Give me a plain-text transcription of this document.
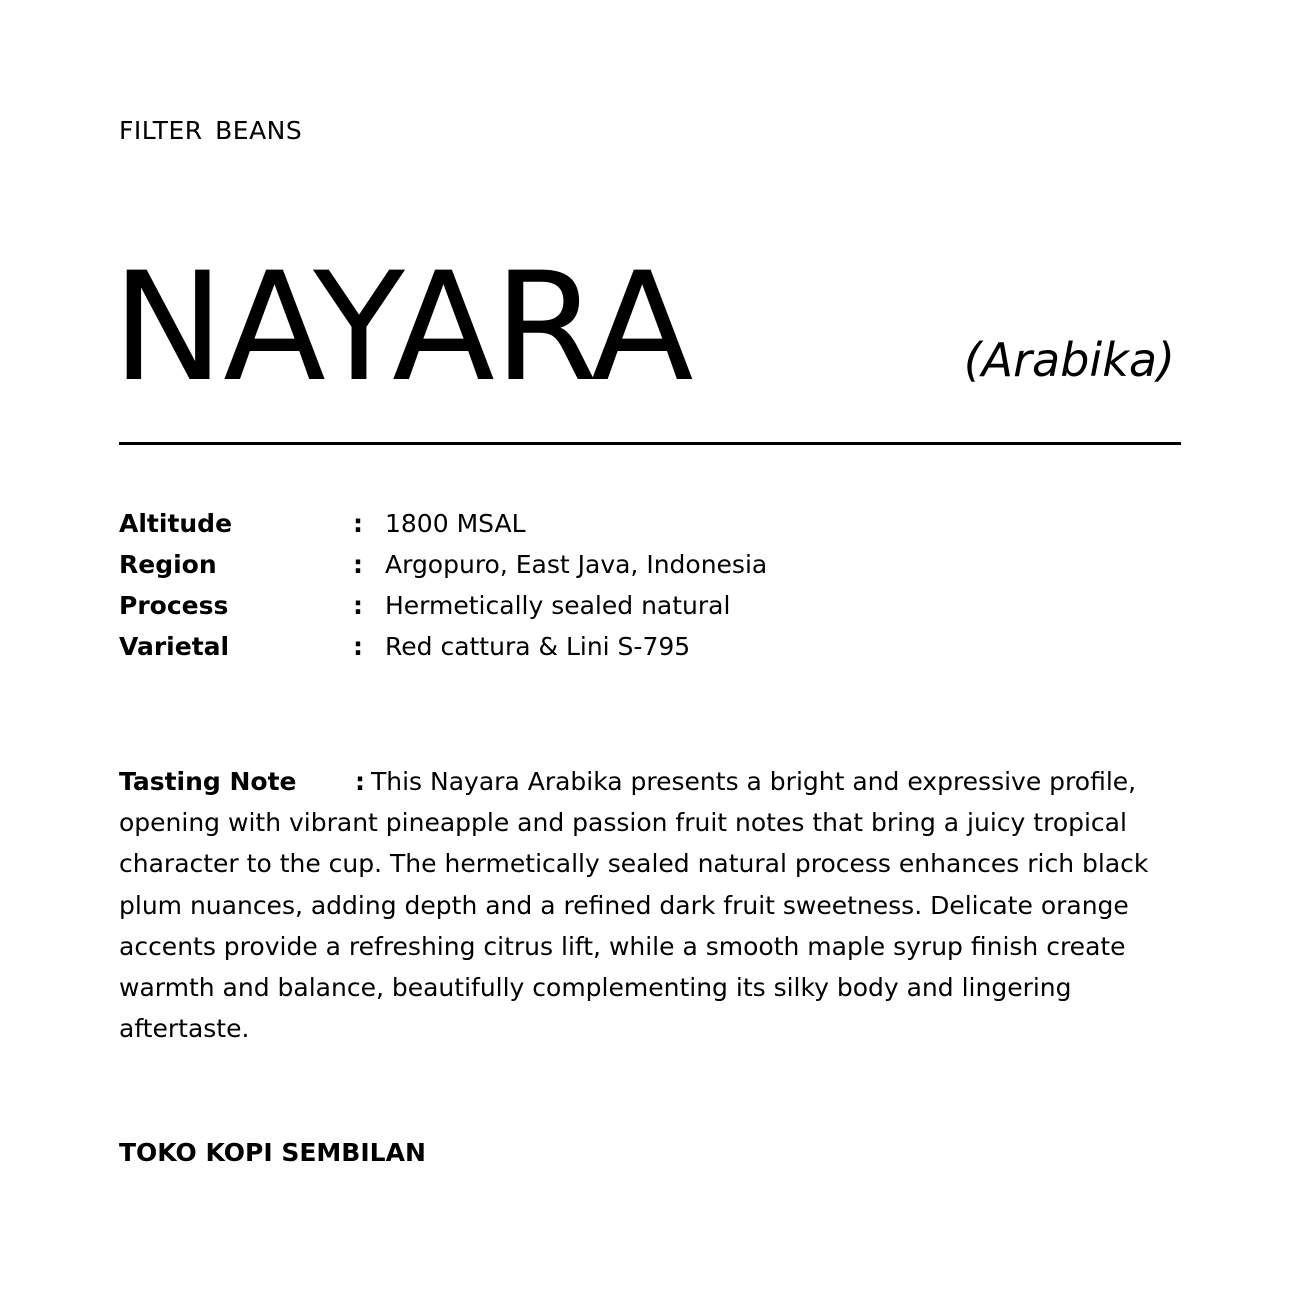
FILTER BEANS
NAYARA	(Arabika)
Altitude	: 1800 MSAL
Region	: Argopuro, East Java, Indonesia
Process	: Hermetically sealed natural
Varietal	: Red cattura & Lini S-795
Tasting Note : This Nayara Arabika presents a bright and expressive profile, opening with vibrant pineapple and passion fruit notes that bring a juicy tropical character to the cup. The hermetically sealed natural process enhances rich black plum nuances, adding depth and a refined dark fruit sweetness. Delicate orange accents provide a refreshing citrus lift, while a smooth maple syrup finish create warmth and balance, beautifully complementing its silky body and lingering aftertaste.
TOKO KOPI SEMBILAN
